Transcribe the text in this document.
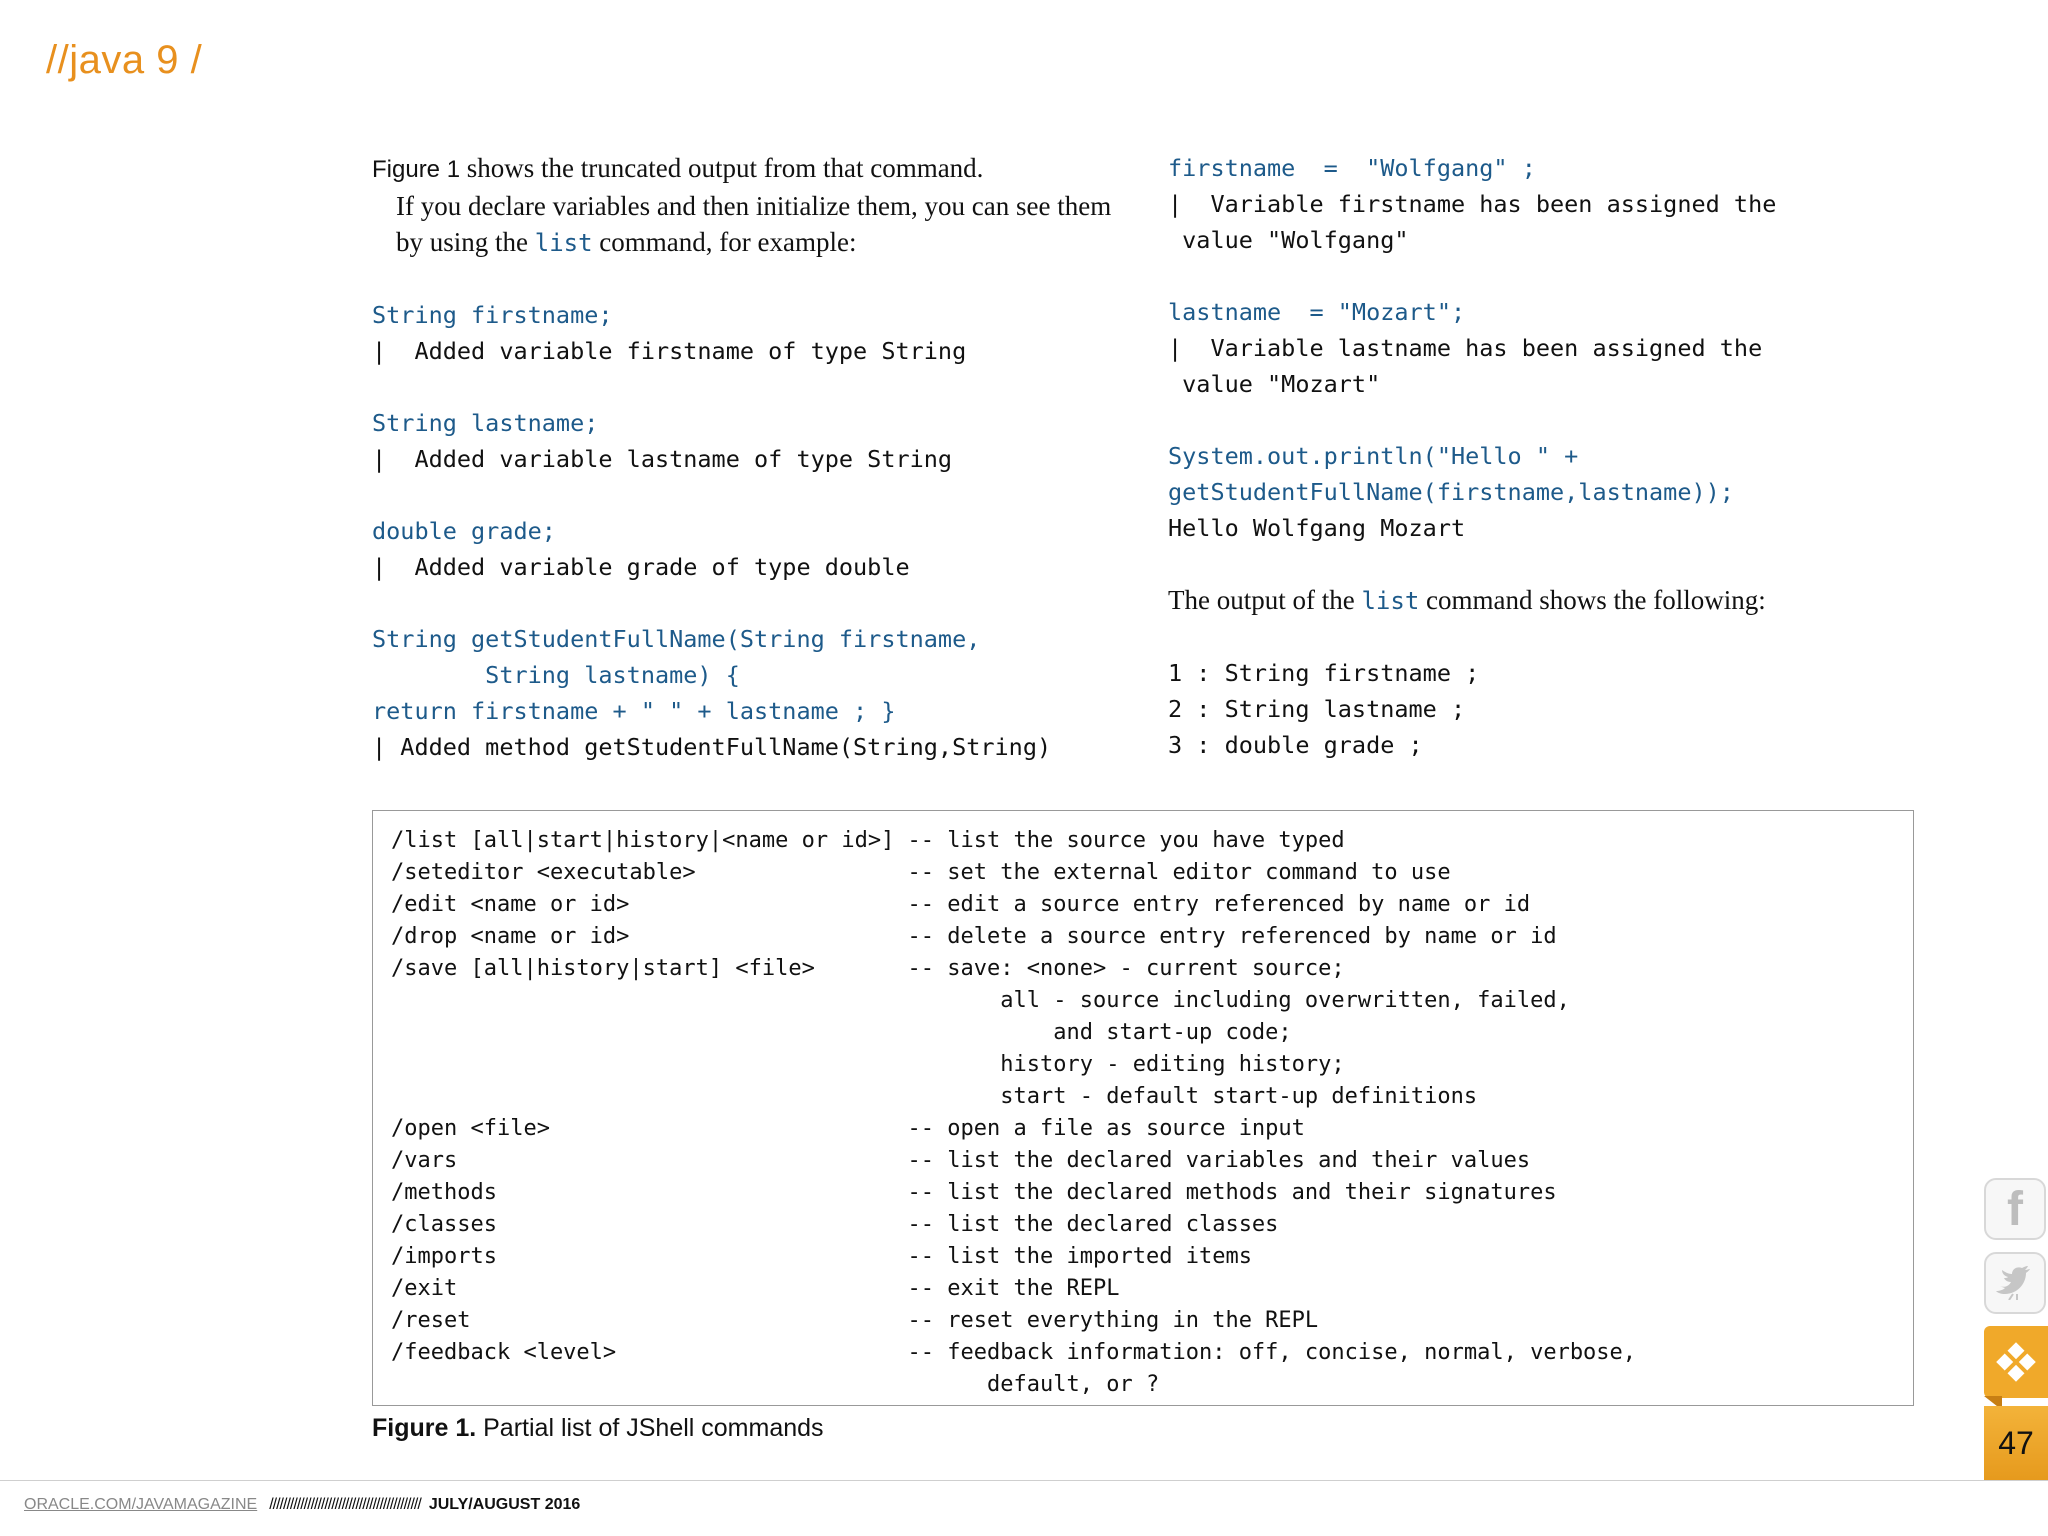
//java 9 /

Figure 1 shows the truncated output from that command.
If you declare variables and then initialize them, you can see them by using the list command, for example:

String firstname;
|  Added variable firstname of type String

String lastname;
|  Added variable lastname of type String

double grade;
|  Added variable grade of type double

String getStudentFullName(String firstname,
String lastname) {
return firstname + " " + lastname ; }
| Added method getStudentFullName(String,String)
firstname  =  "Wolfgang" ;
|  Variable firstname has been assigned the
value "Wolfgang"

lastname  = "Mozart";
|  Variable lastname has been assigned the
value "Mozart"

System.out.println("Hello " +
getStudentFullName(firstname,lastname));
Hello Wolfgang Mozart

The output of the list command shows the following:

1 : String firstname ;
2 : String lastname ;
3 : double grade ;
/list [all|start|history|<name or id>] -- list the source you have typed
/seteditor <executable>                -- set the external editor command to use
/edit <name or id>                     -- edit a source entry referenced by name or id
/drop <name or id>                     -- delete a source entry referenced by name or id
/save [all|history|start] <file>       -- save: <none> - current source;
all - source including overwritten, failed,
and start-up code;
history - editing history;
start - default start-up definitions
/open <file>                           -- open a file as source input
/vars                                  -- list the declared variables and their values
/methods                               -- list the declared methods and their signatures
/classes                               -- list the declared classes
/imports                               -- list the imported items
/exit                                  -- exit the REPL
/reset                                 -- reset everything in the REPL
/feedback <level>                      -- feedback information: off, concise, normal, verbose,
default, or ?
Figure 1. Partial list of JShell commands
ORACLE.COM/JAVAMAGAZINE //////////////////////////////////////////// JULY/AUGUST 2016
f
47
